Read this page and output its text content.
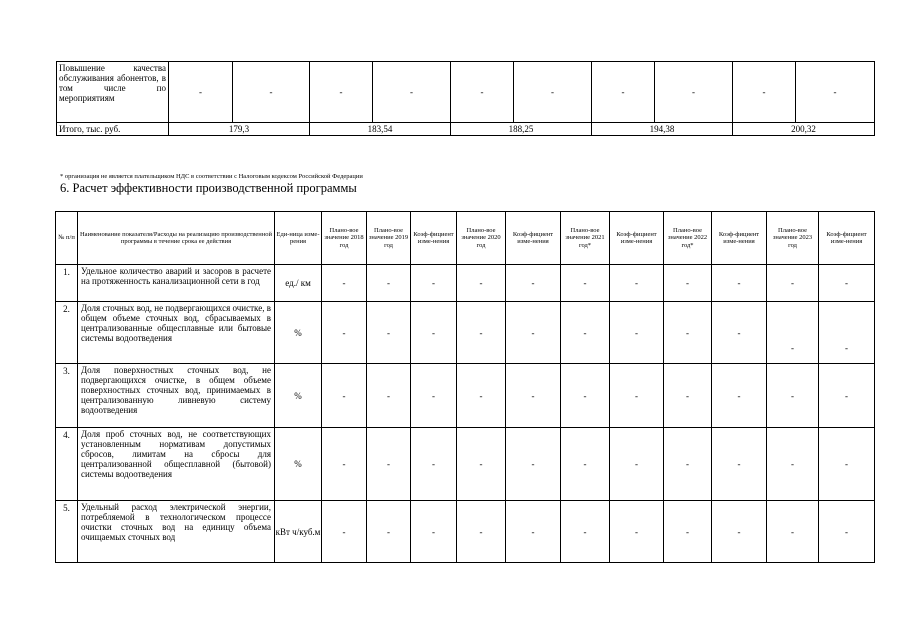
Повышение качества обслуживания абонентов, в том числе по мероприятиям	-	-	-	-	-	-	-	-	-	-
Итого, тыс. руб.	179,3		183,54		188,25		194,38		200,32	
* организация не является плательщиком НДС в соответствии с Налоговым кодексом Российской Федерации
6. Расчет эффективности производственной программы
№ п/п	Наименование показателя/Расходы на реализацию производственной программы в течение срока ее действия	Еди-ница изме-рения	Плано-вое значение 2018 год	Плано-вое значение 2019 год	Коэф-фициент изме-нения	Плано-вое значение 2020 год	Коэф-фициент изме-нения	Плано-вое значение 2021 год*	Коэф-фициент изме-нения	Плано-вое значение 2022 год*	Коэф-фициент изме-нения	Плано-вое значение 2023 год	Коэф-фициент изме-нения
1.	Удельное количество аварий и засоров в расчете на протяженность канализационной сети в год	ед./ км	-	-	-	-	-	-	-	-	-	-	-
2.	Доля сточных вод, не подвергающихся очистке, в общем объеме сточных вод, сбрасываемых в централизованные общесплавные или бытовые системы водоотведения	%	-	-	-	-	-	-	-	-	-	-	-
3.	Доля поверхностных сточных вод, не подвергающихся очистке, в общем объеме поверхностных сточных вод, принимаемых в централизованную ливневую систему водоотведения	%	-	-	-	-	-	-	-	-	-	-	-
4.	Доля проб сточных вод, не соответствующих установленным нормативам допустимых сбросов, лимитам на сбросы для централизованной общесплавной (бытовой) системы водоотведения	%	-	-	-	-	-	-	-	-	-	-	-
5.	Удельный расход электрической энергии, потребляемой в технологическом процессе очистки сточных вод на единицу объема очищаемых сточных вод	кВт ч/куб.м	-	-	-	-	-	-	-	-	-	-	-
